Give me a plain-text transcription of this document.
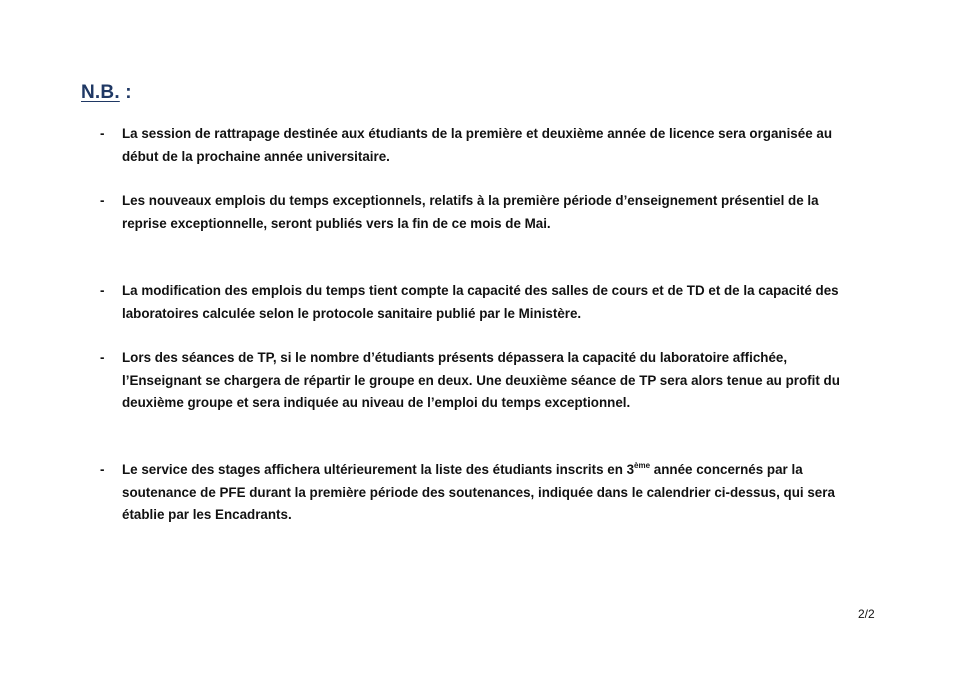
N.B. :
-	La session de rattrapage destinée aux étudiants de la première et deuxième année de licence sera organisée au

début de la prochaine année universitaire.

-	Les nouveaux emplois du temps exceptionnels, relatifs à la première période d’enseignement présentiel de la

reprise exceptionnelle, seront publiés vers la fin de ce mois de Mai.

-	La modification des emplois du temps tient compte la capacité des salles de cours et de TD et de la capacité des

laboratoires calculée selon le protocole sanitaire publié par le Ministère.

-	Lors des séances de TP, si le nombre d’étudiants présents dépassera la capacité du laboratoire affichée,

l’Enseignant se chargera de répartir le groupe en deux. Une deuxième séance de TP sera alors tenue au profit du

deuxième groupe et sera indiquée au niveau de l’emploi du temps exceptionnel.

-	Le service des stages affichera ultérieurement la liste des étudiants inscrits en 3ème année concernés par la

soutenance de PFE durant la première période des soutenances, indiquée dans le calendrier ci-dessus, qui sera

établie par les Encadrants.

2/2
